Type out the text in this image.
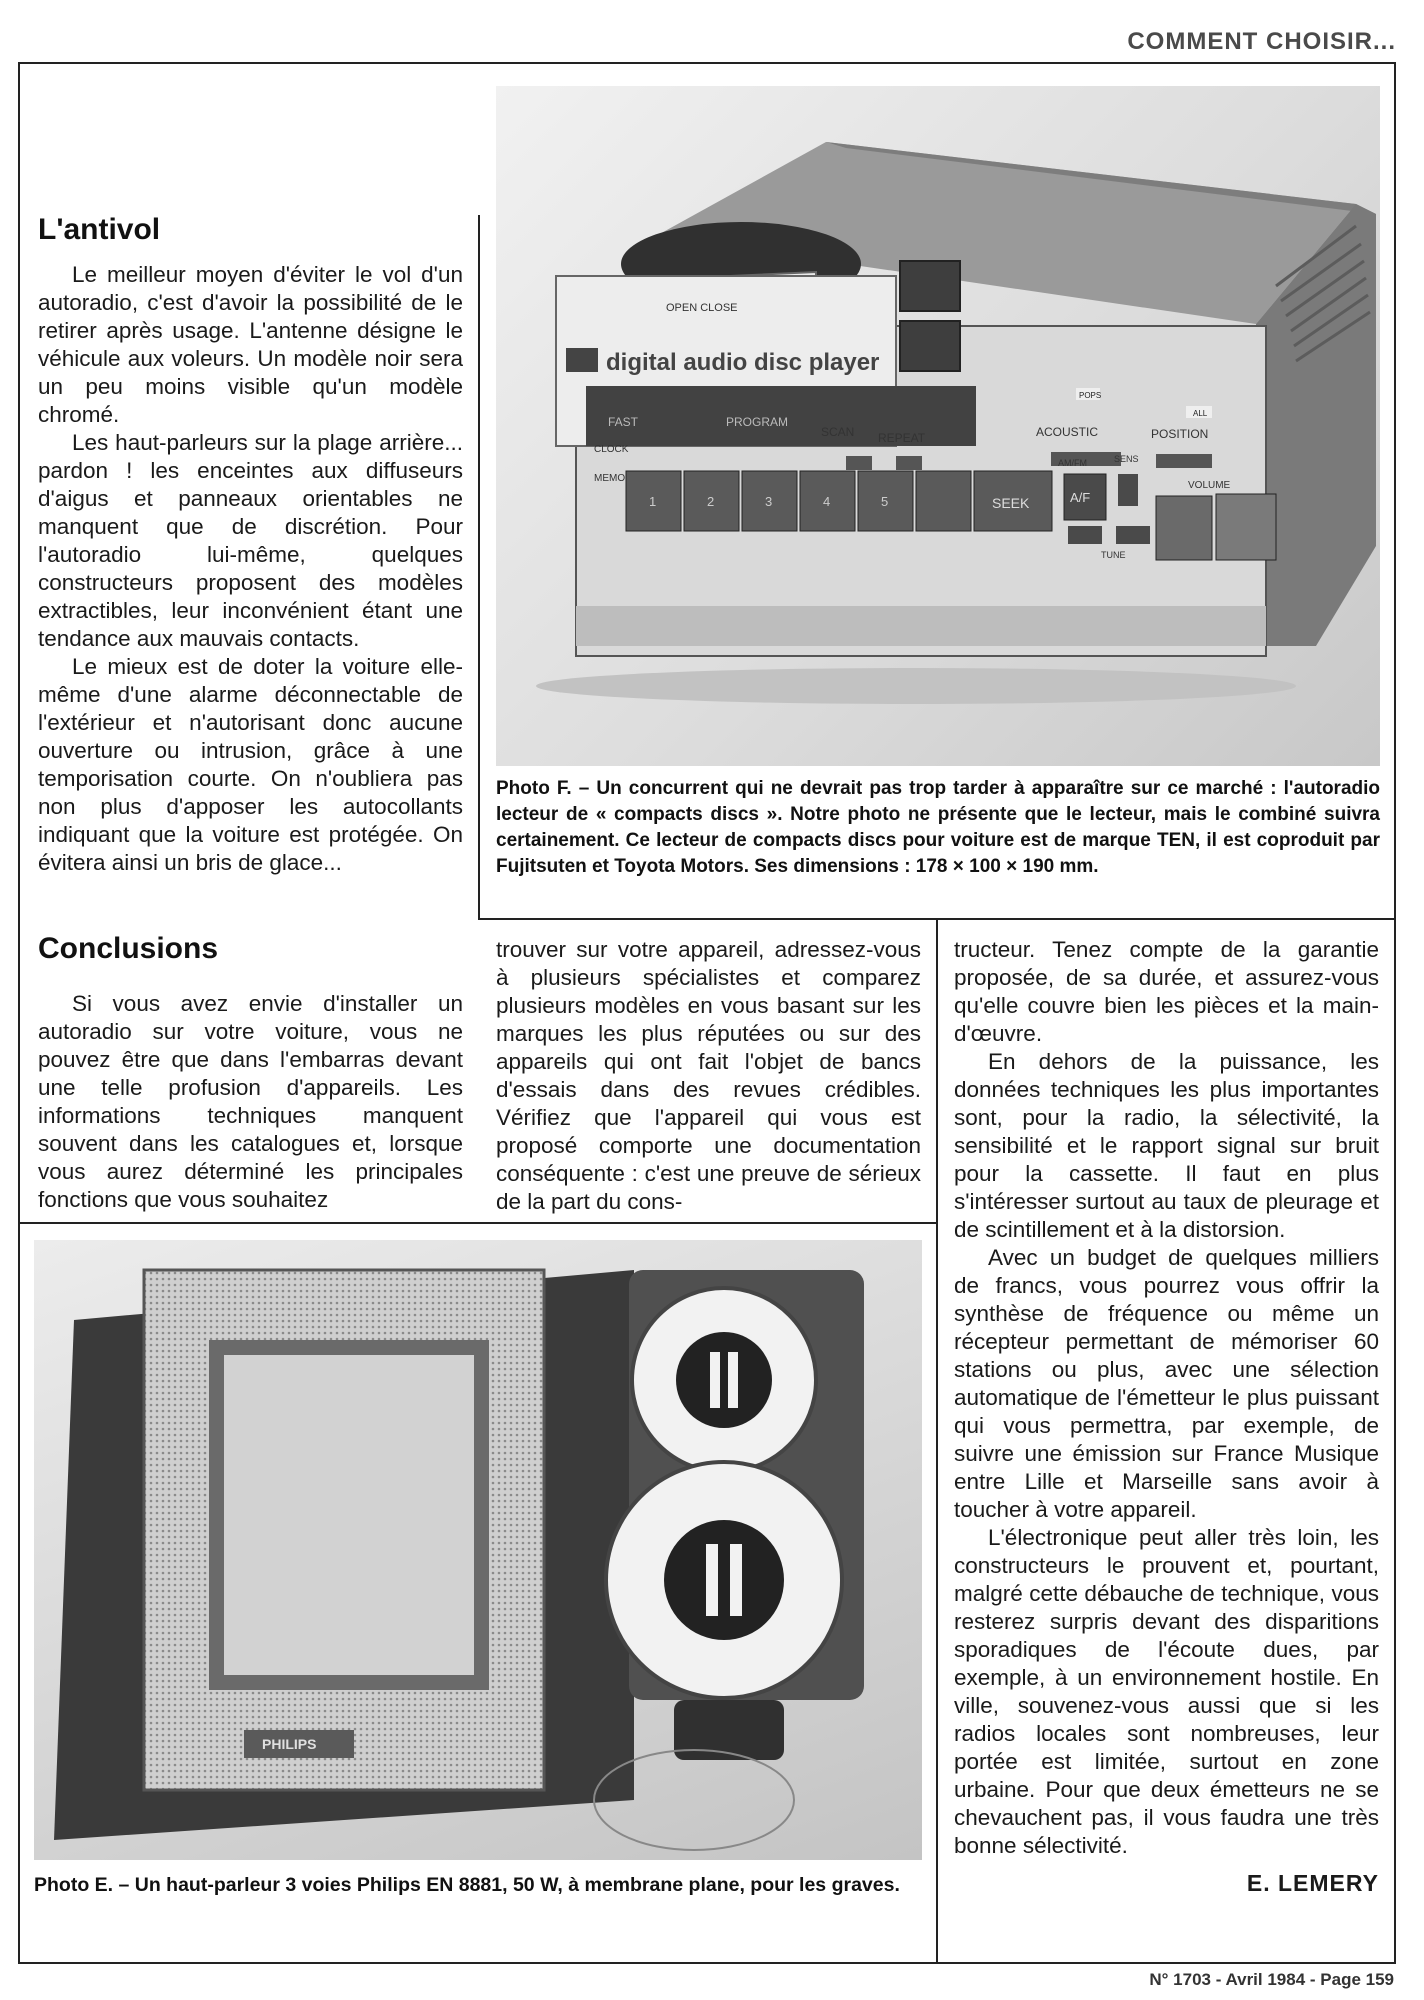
COMMENT CHOISIR...
L'antivol

Le meilleur moyen d'éviter le vol d'un autoradio, c'est d'avoir la possibilité de le retirer après usage. L'antenne désigne le véhicule aux voleurs. Un modèle noir sera un peu moins visible qu'un modèle chromé.

Les haut-parleurs sur la plage arrière... pardon ! les enceintes aux diffuseurs d'aigus et panneaux orientables ne manquent que de discrétion. Pour l'autoradio lui-même, quelques constructeurs proposent des modèles extractibles, leur inconvénient étant une tendance aux mauvais contacts.

Le mieux est de doter la voiture elle-même d'une alarme déconnectable de l'extérieur et n'autorisant donc aucune ouverture ou intrusion, grâce à une temporisation courte. On n'oubliera pas non plus d'apposer les autocollants indiquant que la voiture est protégée. On évitera ainsi un bris de glace...

Conclusions

Si vous avez envie d'installer un autoradio sur votre voiture, vous ne pouvez être que dans l'embarras devant une telle profusion d'appareils. Les informations techniques manquent souvent dans les catalogues et, lorsque vous aurez déterminé les principales fonctions que vous souhaitez

trouver sur votre appareil, adressez-vous à plusieurs spécialistes et comparez plusieurs modèles en vous basant sur les marques les plus réputées ou sur des appareils qui ont fait l'objet de bancs d'essais dans des revues crédibles. Vérifiez que l'appareil qui vous est proposé comporte une documentation conséquente : c'est une preuve de sérieux de la part du cons-

tructeur. Tenez compte de la garantie proposée, de sa durée, et assurez-vous qu'elle couvre bien les pièces et la main-d'œuvre.

En dehors de la puissance, les données techniques les plus importantes sont, pour la radio, la sélectivité, la sensibilité et le rapport signal sur bruit pour la cassette. Il faut en plus s'intéresser surtout au taux de pleurage et de scintillement et à la distorsion.

Avec un budget de quelques milliers de francs, vous pourrez vous offrir la synthèse de fréquence ou même un récepteur permettant de mémoriser 60 stations ou plus, avec une sélection automatique de l'émetteur le plus puissant qui vous permettra, par exemple, de suivre une émission sur France Musique entre Lille et Marseille sans avoir à toucher à votre appareil.

L'électronique peut aller très loin, les constructeurs le prouvent et, pourtant, malgré cette débauche de technique, vous resterez surpris devant des disparitions sporadiques de l'écoute dues, par exemple, à un environnement hostile. En ville, souvenez-vous aussi que si les radios locales sont nombreuses, leur portée est limitée, surtout en zone urbaine. Pour que deux émetteurs ne se chevauchent pas, il vous faudra une très bonne sélectivité.

E. LEMERY
OPEN CLOSE
digital audio disc player
FAST	PROGRAM
POPS
ALL
SCAN REPEAT	ACOUSTIC	POSITION
CLOCK
MEMO
1	2	3	4	5	SEEK
AM/FM
A/F
SENS
TUNE
VOLUME
Photo F. – Un concurrent qui ne devrait pas trop tarder à apparaître sur ce marché : l'autoradio lecteur de « compacts discs ». Notre photo ne présente que le lecteur, mais le combiné suivra certainement. Ce lecteur de compacts discs pour voiture est de marque TEN, il est coproduit par Fujitsuten et Toyota Motors. Ses dimensions : 178 × 100 × 190 mm.
PHILIPS
Photo E. – Un haut-parleur 3 voies Philips EN 8881, 50 W, à membrane plane, pour les graves.
N° 1703 - Avril 1984 - Page 159
